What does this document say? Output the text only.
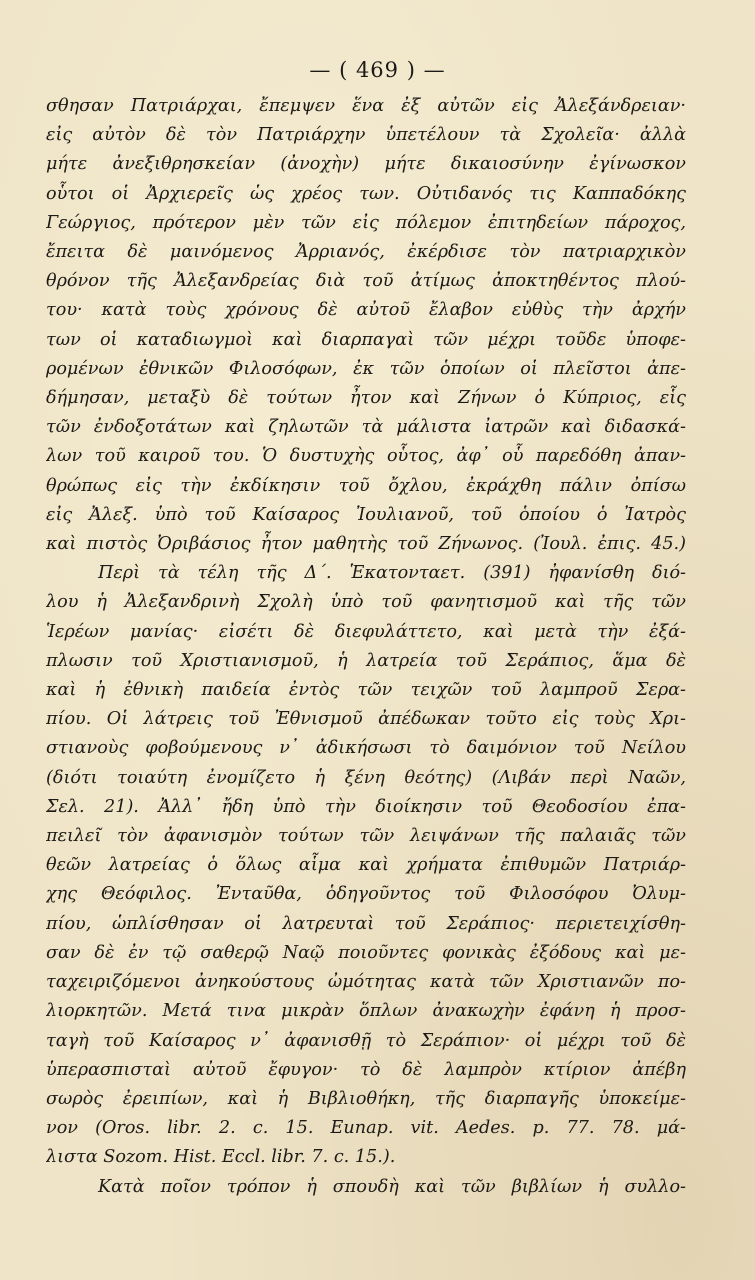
— ( 469 ) —
σθησαν Πατριάρχαι, ἔπεμψεν ἕνα ἐξ αὐτῶν εἰς Ἀλεξάνδρειαν·
εἰς αὐτὸν δὲ τὸν Πατριάρχην ὑπετέλουν τὰ Σχολεῖα· ἀλλὰ
μήτε ἀνεξιθρησκείαν (ἀνοχὴν) μήτε δικαιοσύνην ἐγίνωσκον
οὗτοι οἱ Ἀρχιερεῖς ὡς χρέος των. Οὐτιδανός τις Καππαδόκης
Γεώργιος, πρότερον μὲν τῶν εἰς πόλεμον ἐπιτηδείων πάροχος,
ἔπειτα δὲ μαινόμενος Ἀρριανός, ἐκέρδισε τὸν πατριαρχικὸν
θρόνον τῆς Ἀλεξανδρείας διὰ τοῦ ἀτίμως ἀποκτηθέντος πλού-
του· κατὰ τοὺς χρόνους δὲ αὐτοῦ ἔλαβον εὐθὺς τὴν ἀρχήν
των οἱ καταδιωγμοὶ καὶ διαρπαγαὶ τῶν μέχρι τοῦδε ὑποφε-
ρομένων ἐθνικῶν Φιλοσόφων, ἐκ τῶν ὁποίων οἱ πλεῖστοι ἀπε-
δήμησαν, μεταξὺ δὲ τούτων ἦτον καὶ Ζήνων ὁ Κύπριος, εἷς
τῶν ἐνδοξοτάτων καὶ ζηλωτῶν τὰ μάλιστα ἰατρῶν καὶ διδασκά-
λων τοῦ καιροῦ του. Ὁ δυστυχὴς οὗτος, ἀφ᾽ οὗ παρεδόθη ἀπαν-
θρώπως εἰς τὴν ἐκδίκησιν τοῦ ὄχλου, ἐκράχθη πάλιν ὀπίσω
εἰς Ἀλεξ. ὑπὸ τοῦ Καίσαρος Ἰουλιανοῦ, τοῦ ὁποίου ὁ Ἰατρὸς
καὶ πιστὸς Ὀριβάσιος ἦτον μαθητὴς τοῦ Ζήνωνος. (Ἰουλ. ἐπις. 45.)
Περὶ τὰ τέλη τῆς Δ΄. Ἑκατονταετ. (391) ἠφανίσθη διό-
λου ἡ Ἀλεξανδρινὴ Σχολὴ ὑπὸ τοῦ φανητισμοῦ καὶ τῆς τῶν
Ἱερέων μανίας· εἰσέτι δὲ διεφυλάττετο, καὶ μετὰ τὴν ἐξά-
πλωσιν τοῦ Χριστιανισμοῦ, ἡ λατρεία τοῦ Σεράπιος, ἅμα δὲ
καὶ ἡ ἐθνικὴ παιδεία ἐντὸς τῶν τειχῶν τοῦ λαμπροῦ Σερα-
πίου. Οἱ λάτρεις τοῦ Ἐθνισμοῦ ἀπέδωκαν τοῦτο εἰς τοὺς Χρι-
στιανοὺς φοβούμενους ν᾽ ἀδικήσωσι τὸ δαιμόνιον τοῦ Νείλου
(διότι τοιαύτη ἐνομίζετο ἡ ξένη θεότης) (Λιβάν περὶ Ναῶν,
Σελ. 21). Ἀλλ᾽ ἤδη ὑπὸ τὴν διοίκησιν τοῦ Θεοδοσίου ἐπα-
πειλεῖ τὸν ἀφανισμὸν τούτων τῶν λειψάνων τῆς παλαιᾶς τῶν
θεῶν λατρείας ὁ ὅλως αἷμα καὶ χρήματα ἐπιθυμῶν Πατριάρ-
χης Θεόφιλος. Ἐνταῦθα, ὁδηγοῦντος τοῦ Φιλοσόφου Ὀλυμ-
πίου, ὡπλίσθησαν οἱ λατρευταὶ τοῦ Σεράπιος· περιετειχίσθη-
σαν δὲ ἐν τῷ σαθερῷ Ναῷ ποιοῦντες φονικὰς ἐξόδους καὶ με-
ταχειριζόμενοι ἀνηκούστους ὠμότητας κατὰ τῶν Χριστιανῶν πο-
λιορκητῶν. Μετά τινα μικρὰν ὅπλων ἀνακωχὴν ἐφάνη ἡ προσ-
ταγὴ τοῦ Καίσαρος ν᾽ ἀφανισθῇ τὸ Σεράπιον· οἱ μέχρι τοῦ δὲ
ὑπερασπισταὶ αὐτοῦ ἔφυγον· τὸ δὲ λαμπρὸν κτίριον ἀπέβη
σωρὸς ἐρειπίων, καὶ ἡ Βιβλιοθήκη, τῆς διαρπαγῆς ὑποκείμε-
νον (Oros. libr. 2. c. 15. Eunap. vit. Aedes. p. 77. 78. μά-
λιστα Sozom. Hist. Eccl. libr. 7. c. 15.).
Κατὰ ποῖον τρόπον ἡ σπουδὴ καὶ τῶν βιβλίων ἡ συλλο-
